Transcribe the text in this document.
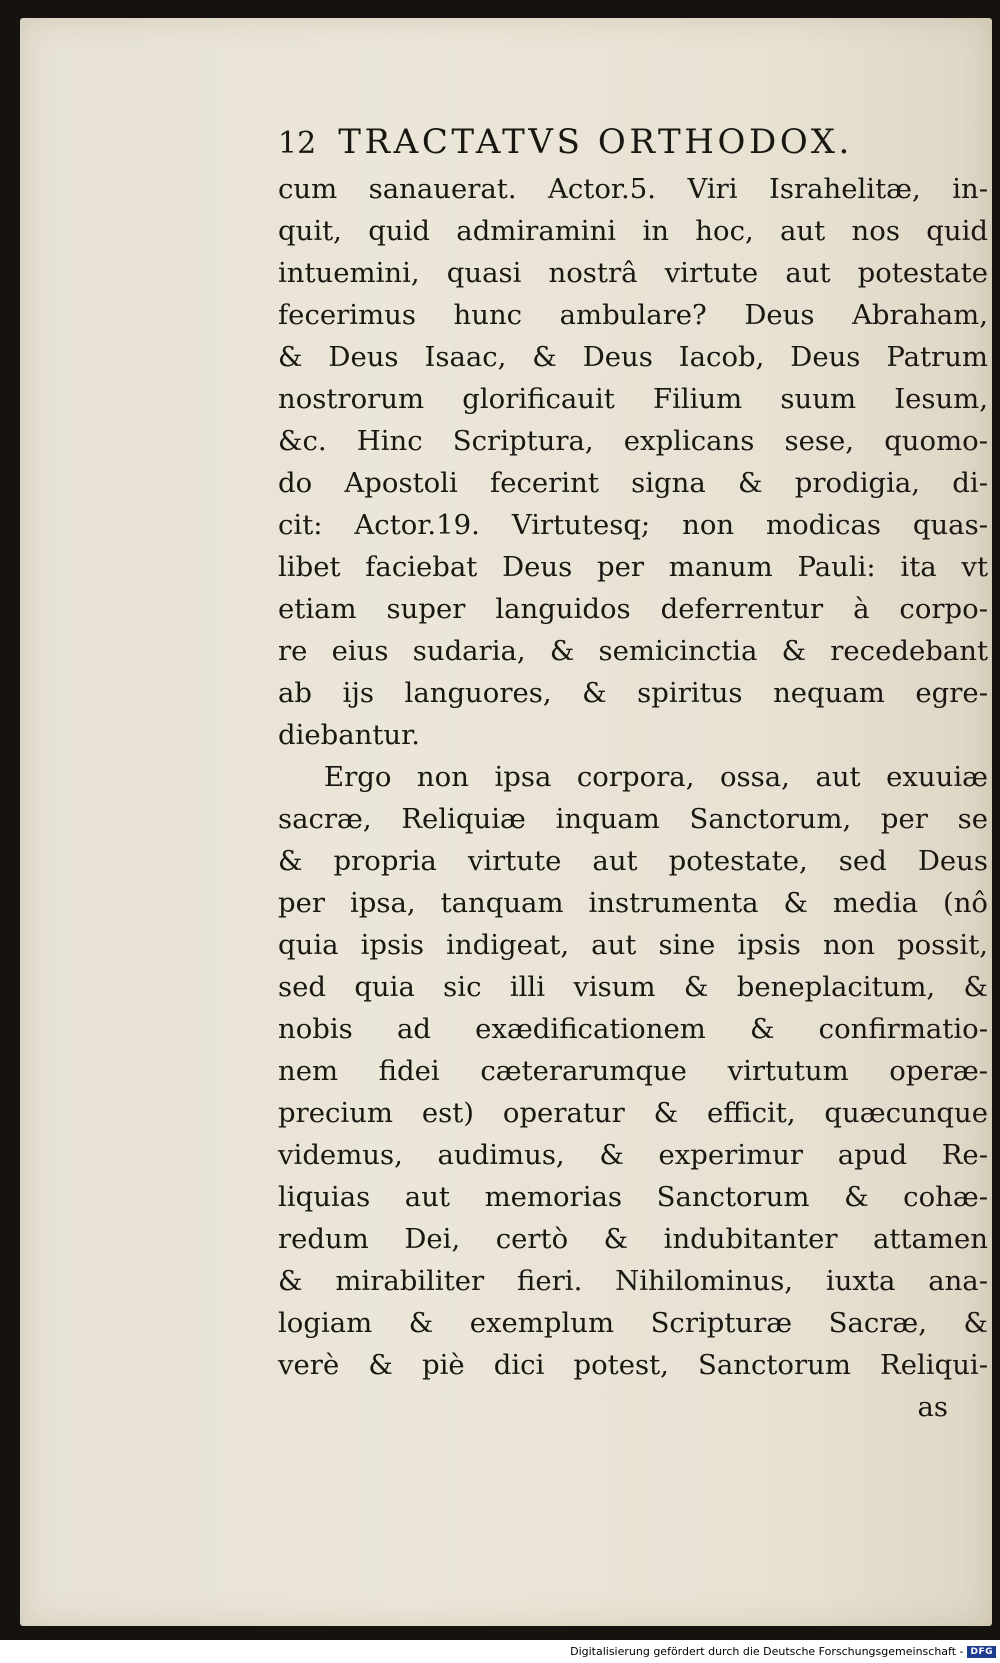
12 TRACTATVS ORTHODOX.
cum sanauerat. Actor.5. Viri Israhelitæ, in-
quit, quid admiramini in hoc, aut nos quid
intuemini, quasi nostrâ virtute aut potestate
fecerimus hunc ambulare? Deus Abraham,
& Deus Isaac, & Deus Iacob, Deus Patrum
nostrorum glorificauit Filium suum Iesum,
&c. Hinc Scriptura, explicans sese, quomo-
do Apostoli fecerint signa & prodigia, di-
cit: Actor.19. Virtutesq; non modicas quas-
libet faciebat Deus per manum Pauli: ita vt
etiam super languidos deferrentur à corpo-
re eius sudaria, & semicinctia & recedebant
ab ijs languores, & spiritus nequam egre-
diebantur.
Ergo non ipsa corpora, ossa, aut exuuiæ
sacræ, Reliquiæ inquam Sanctorum, per se
& propria virtute aut potestate, sed Deus
per ipsa, tanquam instrumenta & media (nô
quia ipsis indigeat, aut sine ipsis non possit,
sed quia sic illi visum & beneplacitum, &
nobis ad exædificationem & confirmatio-
nem fidei cæterarumque virtutum operæ-
precium est) operatur & efficit, quæcunque
videmus, audimus, & experimur apud Re-
liquias aut memorias Sanctorum & cohæ-
redum Dei, certò & indubitanter attamen
& mirabiliter fieri. Nihilominus, iuxta ana-
logiam & exemplum Scripturæ Sacræ, &
verè & piè dici potest, Sanctorum Reliqui-
as
Digitalisierung gefördert durch die Deutsche Forschungsgemeinschaft - DFG
